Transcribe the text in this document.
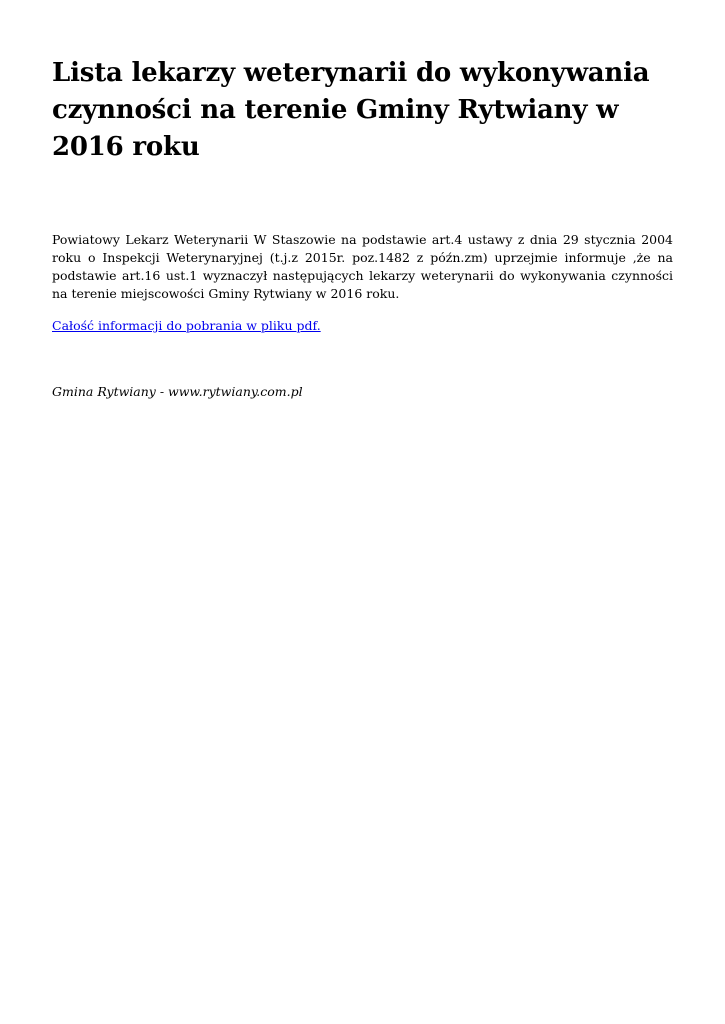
Lista lekarzy weterynarii do wykonywania czynności na terenie Gminy Rytwiany w 2016 roku

Powiatowy Lekarz Weterynarii W Staszowie na podstawie art.4 ustawy z dnia 29 stycznia 2004 roku o Inspekcji Weterynaryjnej (t.j.z 2015r. poz.1482 z późn.zm) uprzejmie informuje ,że na podstawie art.16 ust.1 wyznaczył następujących lekarzy weterynarii do wykonywania czynności na terenie miejscowości Gminy Rytwiany w 2016 roku.

Całość informacji do pobrania w pliku pdf.

Gmina Rytwiany - www.rytwiany.com.pl
